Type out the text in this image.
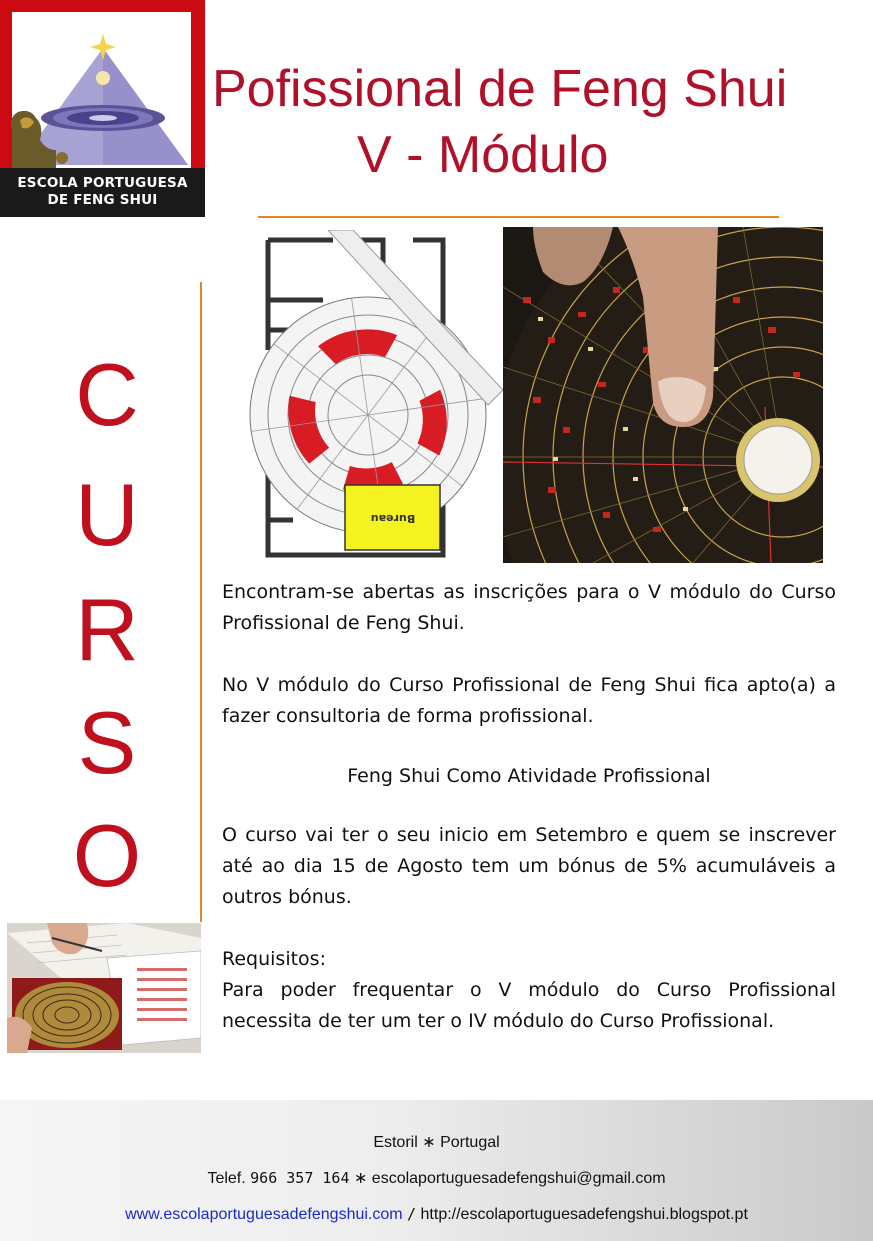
ESCOLA PORTUGUESA
DE FENG SHUI
Pofissional de Feng Shui
V - Módulo
C
U
R
S
O
Bureau
Encontram-se abertas as inscrições para o V módulo do Curso Profissional de Feng Shui.
No V módulo do Curso Profissional de Feng Shui fica apto(a) a fazer consultoria de forma profissional.
Feng Shui Como Atividade Profissional
O curso vai ter o seu inicio em Setembro e quem se inscrever até ao dia 15 de Agosto tem um bónus de 5% acumuláveis a outros bónus.
Requisitos:
Para poder frequentar o V módulo do Curso Profissional necessita de ter um ter o IV módulo do Curso Profissional.
Estoril ∗ Portugal
Telef. 966 357 164 ∗ escolaportuguesadefengshui@gmail.com
www.escolaportuguesadefengshui.com / http://escolaportuguesadefengshui.blogspot.pt
